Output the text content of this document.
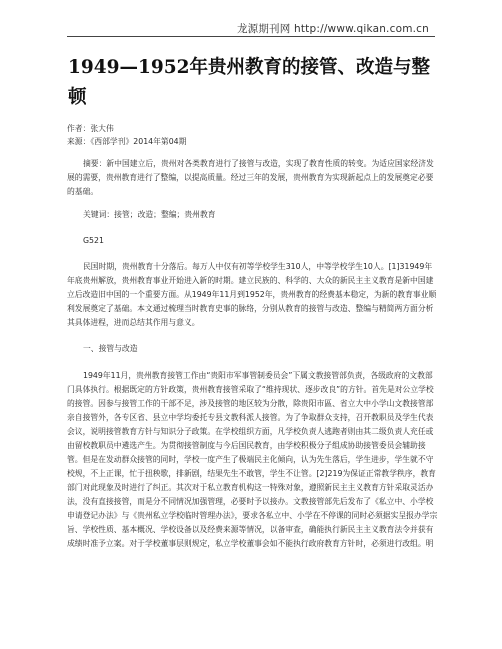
龙源期刊网 http://www.qikan.com.cn
1949—1952年贵州教育的接管、改造与整顿

作者：张大伟

来源：《西部学刊》2014年第04期

摘要：新中国建立后，贵州对各类教育进行了接管与改造，实现了教育性质的转变。为适应国家经济发展的需要，贵州教育进行了整编，以提高质量。经过三年的发展，贵州教育为实现新起点上的发展奠定必要的基础。

关键词：接管；改造；整编；贵州教育

G521

民国时期，贵州教育十分落后。每万人中仅有初等学校学生310人，中等学校学生10人。[1]31949年年底贵州解放，贵州教育事业开始进入新的时期。建立民族的、科学的、大众的新民主主义教育是新中国建立后改造旧中国的一个重要方面。从1949年11月到1952年，贵州教育的经费基本稳定，为新的教育事业顺利发展奠定了基础。本文通过梳理当时教育史事的脉络，分别从教育的接管与改造、整编与精简两方面分析其具体进程，进而总结其作用与意义。

一、接管与改造

1949年11月，贵州教育接管工作由“贵阳市军事管制委员会”下属文教接管部负责，各级政府的文教部门具体执行。根据既定的方针政策，贵州教育接管采取了“维持现状、逐步改良”的方针。首先是对公立学校的接管。因参与接管工作的干部不足，涉及接管的地区较为分散，除贵阳市區、省立大中小学山文教接管部亲自接管外，各专区省、县立中学均委托专县文教科派人接管。为了争取群众支持，召开教职员及学生代表会议，说明接管教育方针与知识分子政策。在学校组织方面，凡学校负责人逃跑者则由其二级负责人充任或由留校教职员中遴选产生。为贯彻接管制度与今后国民教育，由学校积极分子组成协助接管委员会辅助接管。但是在发动群众接管的同时，学校一度产生了极端民主化倾向，认为先生落后，学生进步，学生就不守校规，不上正课，忙于扭秧歌，排新剧，结果先生不敢管，学生不让管。[2]219为保证正常教学秩序，教育部门对此现象及时进行了纠正。其次对于私立教育机构这一特殊对象，遵照新民主主义教育方针采取灵活办法，没有直接接管，而是分不同情况加强管理，必要时予以接办。文教接管部先后发布了《私立中、小学校申请登记办法》与《贵州私立学校临时管理办法》，要求各私立中、小学在不停课的同时必须据实呈报办学宗旨、学校性质、基本概况、学校设备以及经费来源等情况，以备审查，确能执行新民主主义教育法令并获有成绩时准予立案。对于学校董事层则规定，私立学校董事会如不能执行政府教育方针时，必须进行改组。明
